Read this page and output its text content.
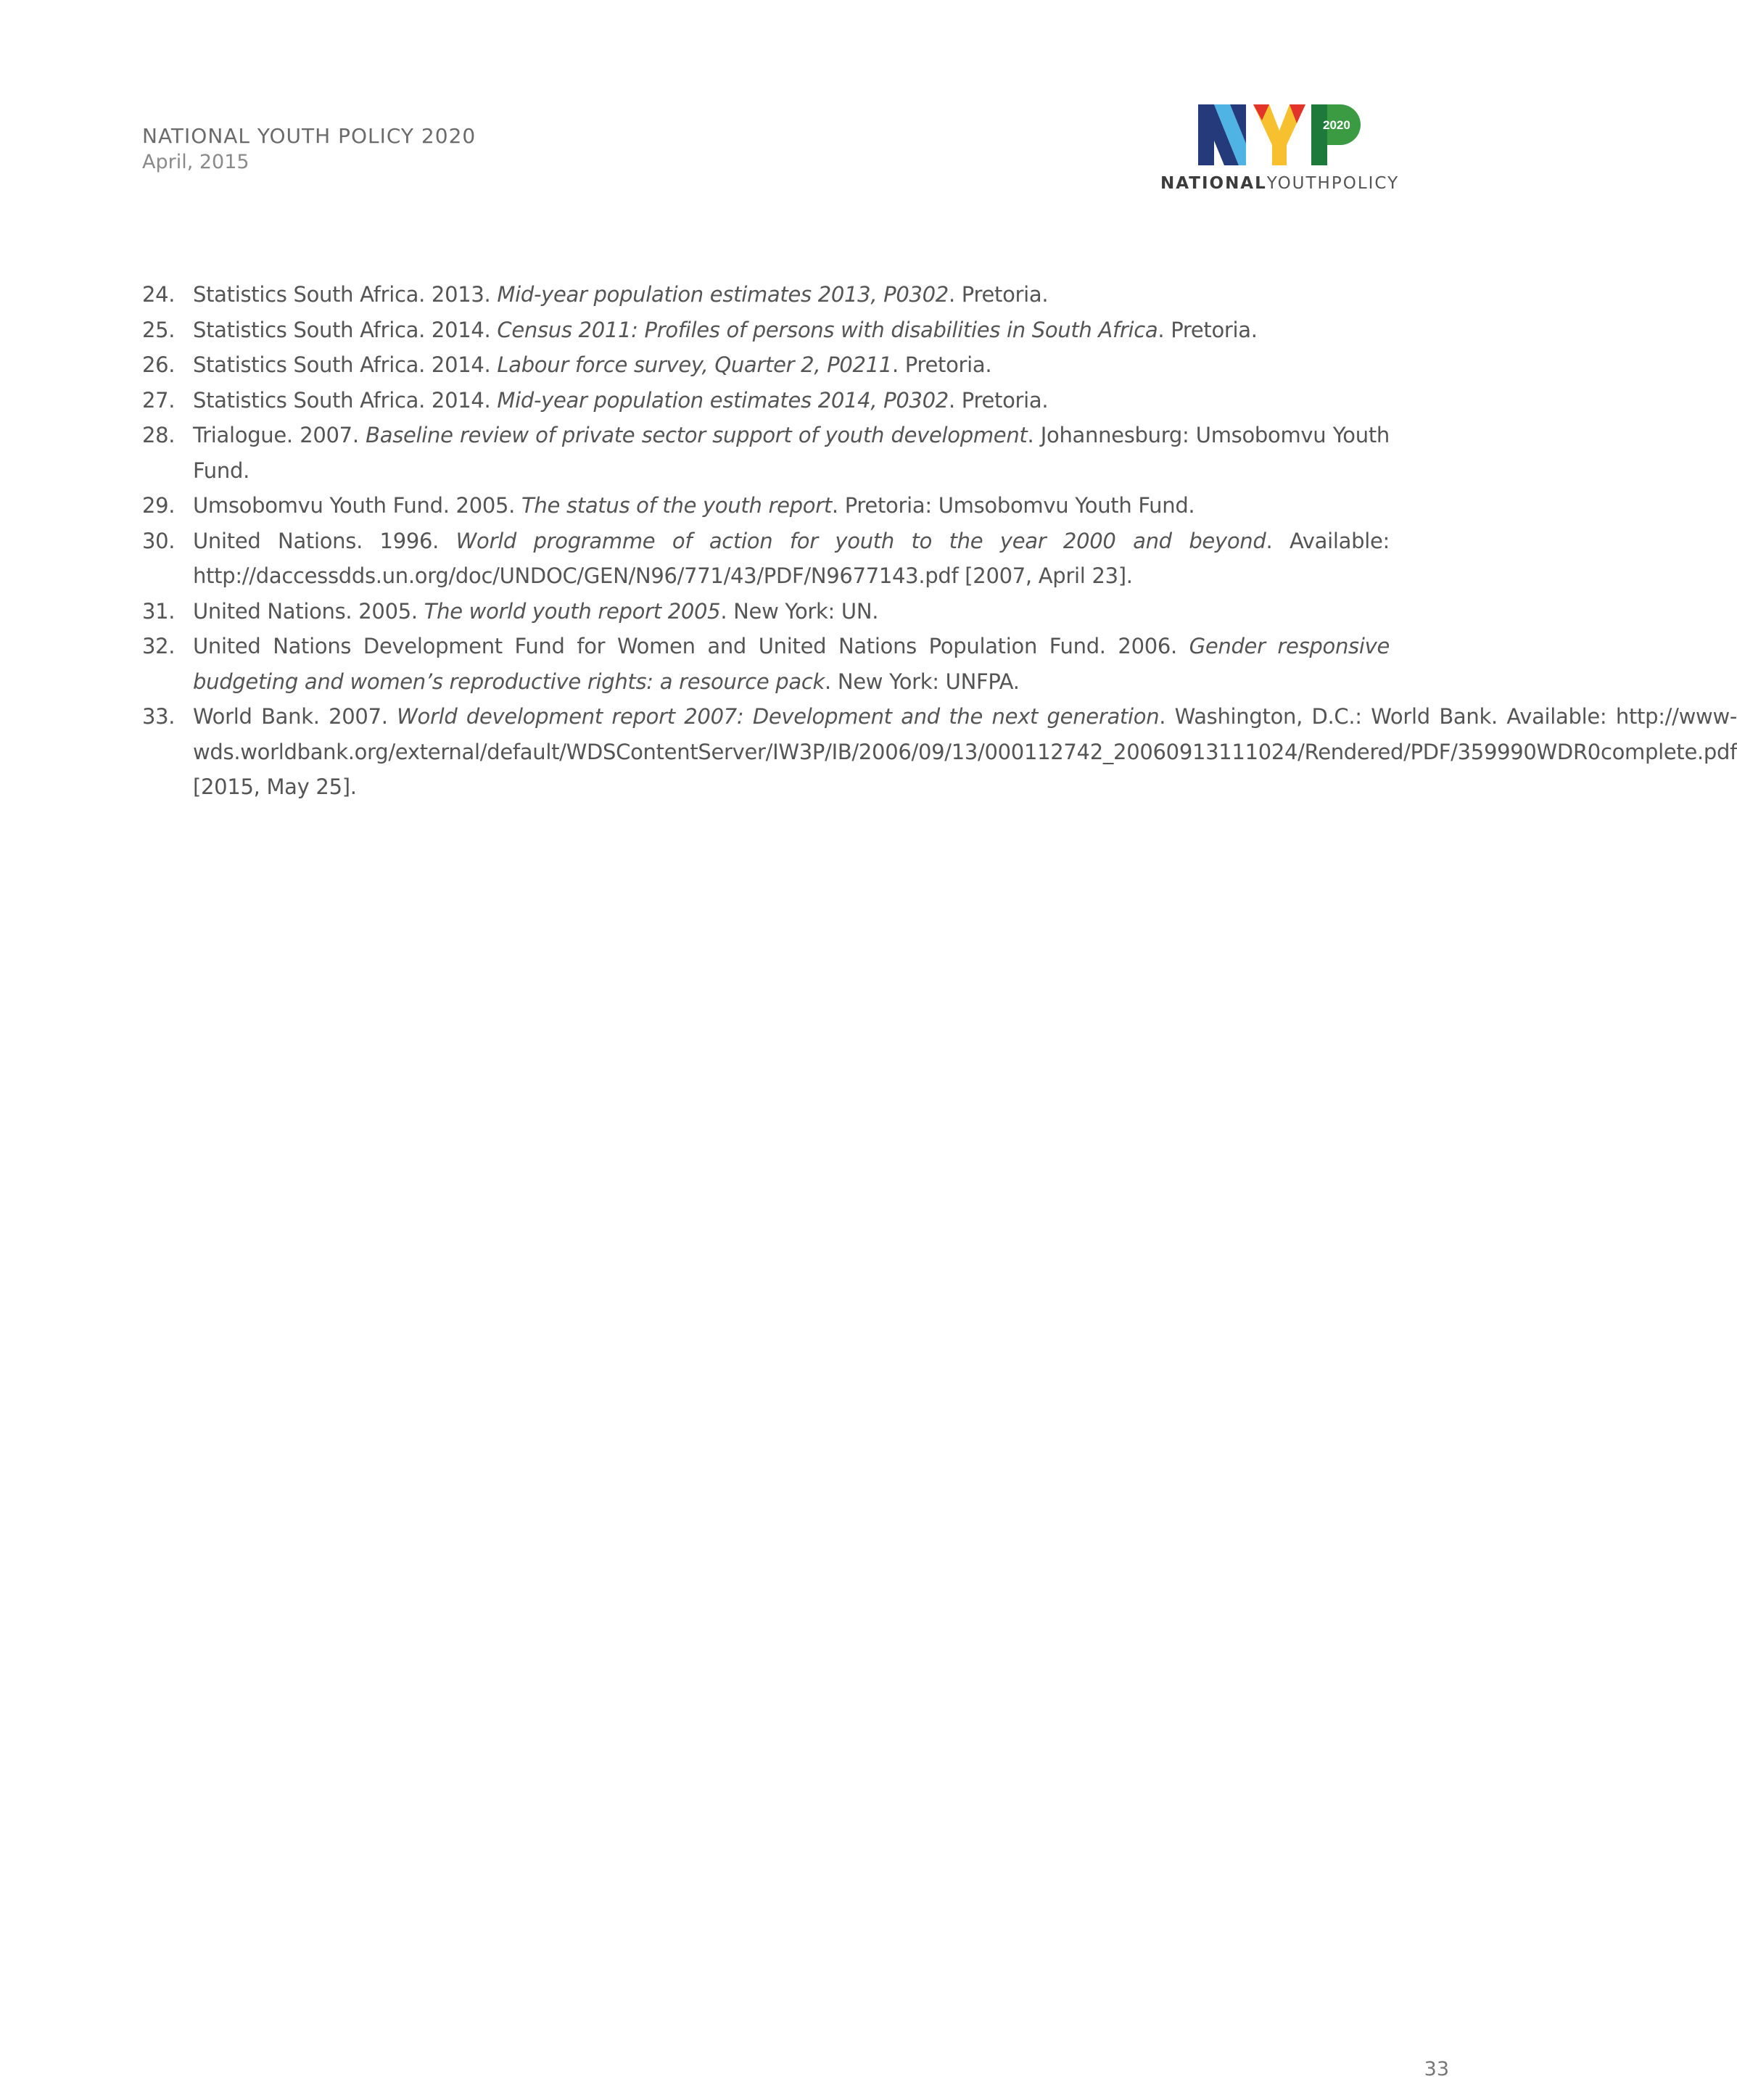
NATIONAL YOUTH POLICY 2020
April, 2015
2020
NATIONALYOUTHPOLICY
24. Statistics South Africa. 2013. Mid-year population estimates 2013, P0302. Pretoria.
25. Statistics South Africa. 2014. Census 2011: Profiles of persons with disabilities in South Africa. Pretoria.
26. Statistics South Africa. 2014. Labour force survey, Quarter 2, P0211. Pretoria.
27. Statistics South Africa. 2014. Mid-year population estimates 2014, P0302. Pretoria.
28. Trialogue. 2007. Baseline review of private sector support of youth development. Johannesburg: Umsobomvu Youth Fund.
29. Umsobomvu Youth Fund. 2005. The status of the youth report. Pretoria: Umsobomvu Youth Fund.
30. United Nations. 1996. World programme of action for youth to the year 2000 and beyond. Available: http://daccessdds.un.org/doc/UNDOC/GEN/N96/771/43/PDF/N9677143.pdf [2007, April 23].
31. United Nations. 2005. The world youth report 2005. New York: UN.
32. United Nations Development Fund for Women and United Nations Population Fund. 2006. Gender responsive budgeting and women’s reproductive rights: a resource pack. New York: UNFPA.
33. World Bank. 2007. World development report 2007: Development and the next generation. Washington, D.C.: World Bank. Available: http://www-wds.worldbank.org/external/default/WDSContentServer/IW3P/IB/2006/09/13/000112742_20060913111024/Rendered/PDF/359990WDR0complete.pdf [2015, May 25].
33
